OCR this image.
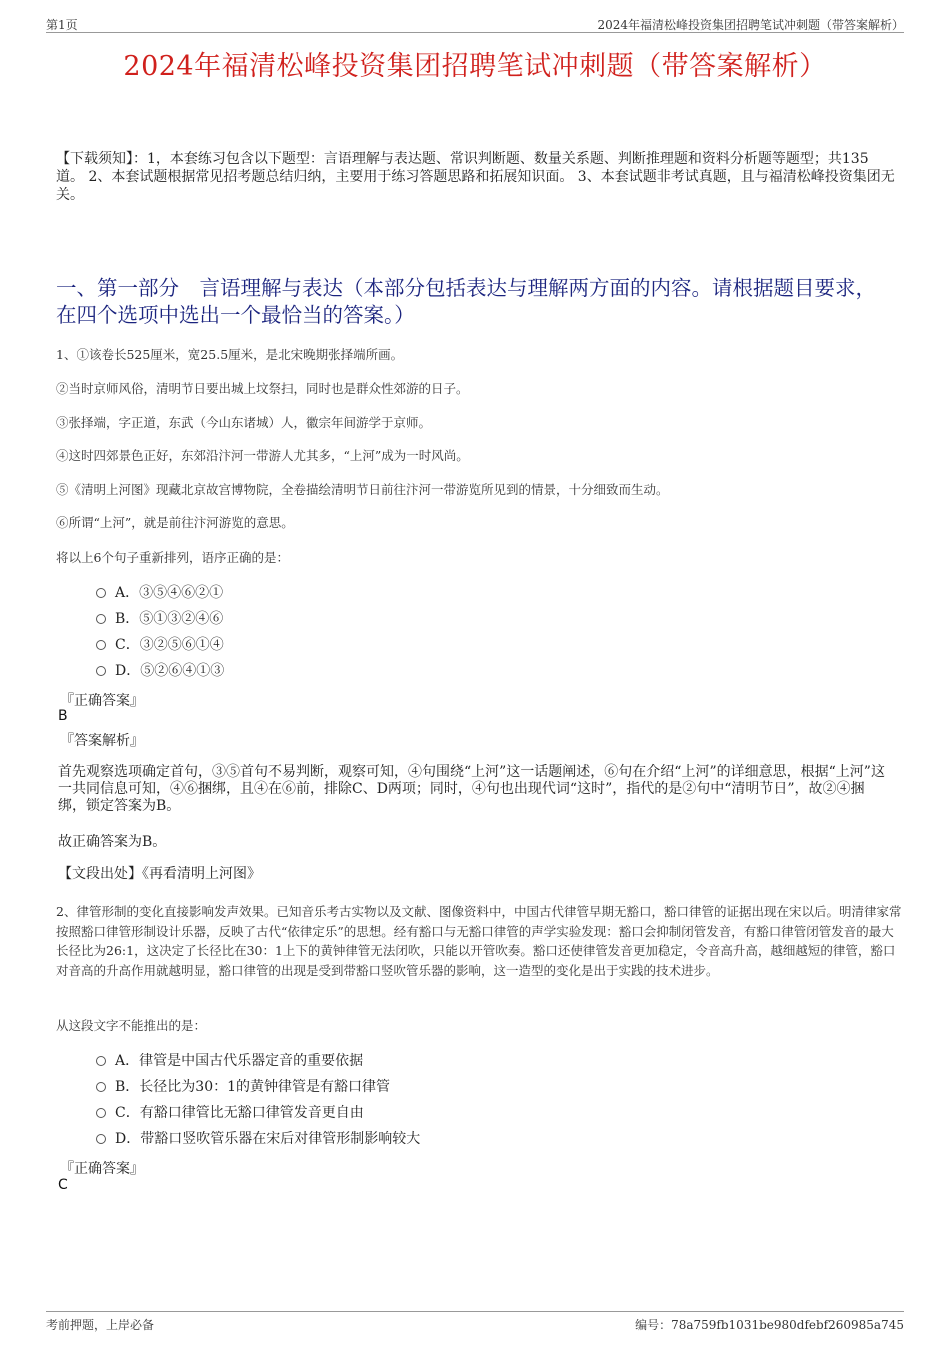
第1页	2024年福清松峰投资集团招聘笔试冲刺题（带答案解析）
2024年福清松峰投资集团招聘笔试冲刺题（带答案解析）
【下载须知】：1，本套练习包含以下题型：言语理解与表达题、常识判断题、数量关系题、判断推理题和资料分析题等题型；共135道。 2、本套试题根据常见招考题总结归纳，主要用于练习答题思路和拓展知识面。 3、本套试题非考试真题，且与福清松峰投资集团无关。
一、第一部分　言语理解与表达（本部分包括表达与理解两方面的内容。请根据题目要求，在四个选项中选出一个最恰当的答案。）
1、①该卷长525厘米，宽25.5厘米，是北宋晚期张择端所画。
②当时京师风俗，清明节日要出城上坟祭扫，同时也是群众性郊游的日子。
③张择端，字正道，东武（今山东诸城）人，徽宗年间游学于京师。
④这时四郊景色正好，东郊沿汴河一带游人尤其多，“上河”成为一时风尚。
⑤《清明上河图》现藏北京故宫博物院，全卷描绘清明节日前往汴河一带游览所见到的情景，十分细致而生动。
⑥所谓“上河”，就是前往汴河游览的意思。
将以上6个句子重新排列，语序正确的是：
A．③⑤④⑥②①
B．⑤①③②④⑥
C．③②⑤⑥①④
D．⑤②⑥④①③
『正确答案』
B
『答案解析』
首先观察选项确定首句，③⑤首句不易判断，观察可知，④句围绕“上河”这一话题阐述，⑥句在介绍“上河”的详细意思，根据“上河”这一共同信息可知，④⑥捆绑，且④在⑥前，排除C、D两项；同时，④句也出现代词“这时”，指代的是②句中“清明节日”，故②④捆绑，锁定答案为B。
故正确答案为B。
【文段出处】《再看清明上河图》
2、律管形制的变化直接影响发声效果。已知音乐考古实物以及文献、图像资料中，中国古代律管早期无豁口，豁口律管的证据出现在宋以后。明清律家常按照豁口律管形制设计乐器，反映了古代“依律定乐”的思想。经有豁口与无豁口律管的声学实验发现：豁口会抑制闭管发音，有豁口律管闭管发音的最大长径比为26:1，这决定了长径比在30：1上下的黄钟律管无法闭吹，只能以开管吹奏。豁口还使律管发音更加稳定，令音高升高，越细越短的律管，豁口对音高的升高作用就越明显，豁口律管的出现是受到带豁口竖吹管乐器的影响，这一造型的变化是出于实践的技术进步。
从这段文字不能推出的是：
A．律管是中国古代乐器定音的重要依据
B．长径比为30：1的黄钟律管是有豁口律管
C．有豁口律管比无豁口律管发音更自由
D．带豁口竖吹管乐器在宋后对律管形制影响较大
『正确答案』
C
考前押题，上岸必备	编号：78a759fb1031be980dfebf260985a745
